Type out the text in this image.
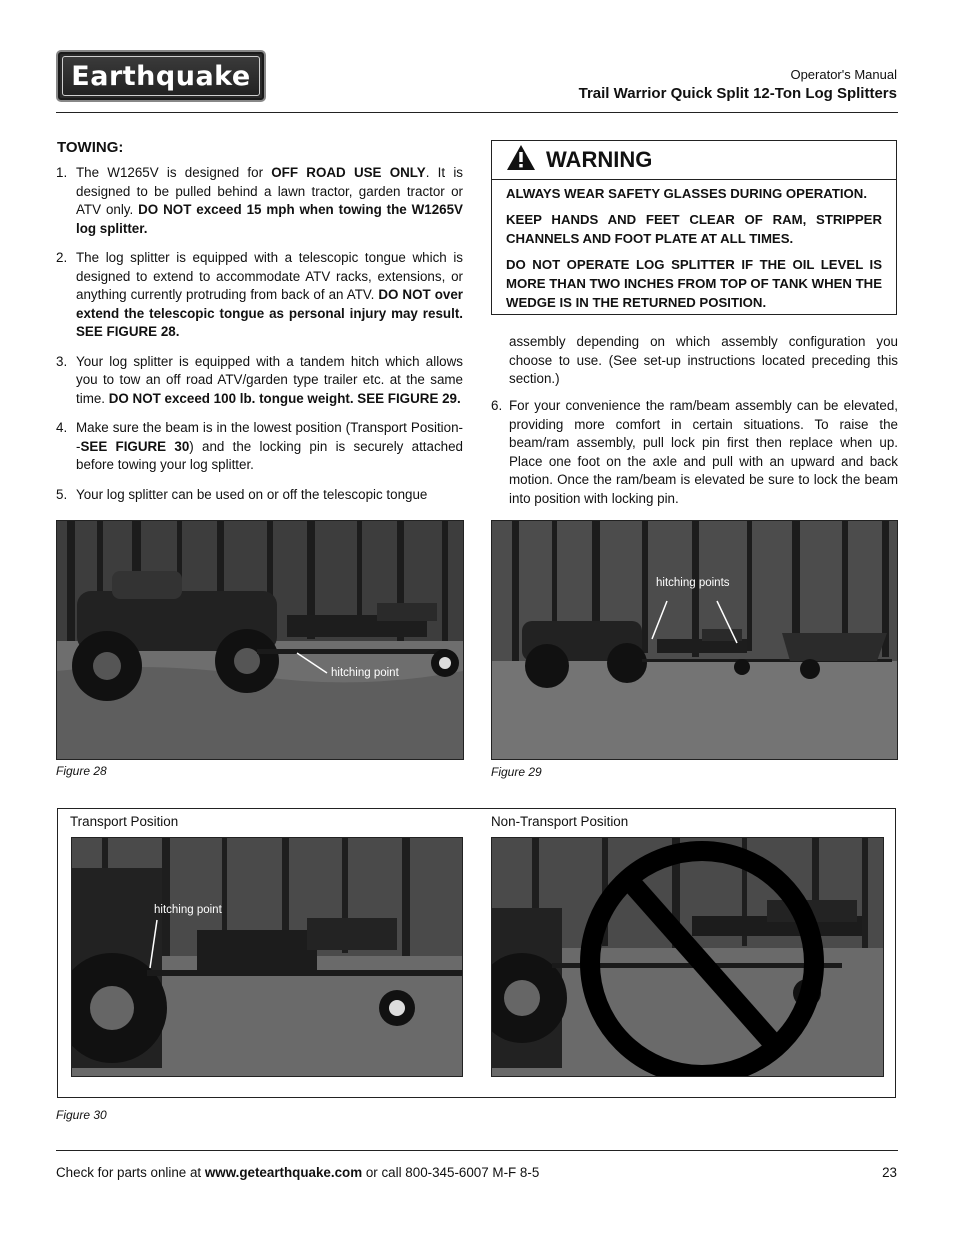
Earthquake	Operator's Manual
Trail Warrior Quick Split 12-Ton Log Splitters
TOWING:
1. The W1265V is designed for OFF ROAD USE ONLY. It is designed to be pulled behind a lawn tractor, garden tractor or ATV only. DO NOT exceed 15 mph when towing the W1265V log splitter.
2. The log splitter is equipped with a telescopic tongue which is designed to extend to accommodate ATV racks, extensions, or anything currently protruding from back of an ATV. DO NOT over extend the telescopic tongue as personal injury may result. SEE FIGURE 28.
3. Your log splitter is equipped with a tandem hitch which allows you to tow an off road ATV/garden type trailer etc. at the same time. DO NOT exceed 100 lb. tongue weight. SEE FIGURE 29.
4. Make sure the beam is in the lowest position (Transport Position--SEE FIGURE 30) and the locking pin is securely attached before towing your log splitter.
5. Your log splitter can be used on or off the telescopic tongue
WARNING

ALWAYS WEAR SAFETY GLASSES DURING OPERATION.

KEEP HANDS AND FEET CLEAR OF RAM, STRIPPER CHANNELS AND FOOT PLATE AT ALL TIMES.

DO NOT OPERATE LOG SPLITTER IF THE OIL LEVEL IS MORE THAN TWO INCHES FROM TOP OF TANK WHEN THE WEDGE IS IN THE RETURNED POSITION.

assembly depending on which assembly configuration you choose to use. (See set-up instructions located preceding this section.)
6. For your convenience the ram/beam assembly can be elevated, providing more comfort in certain situations. To raise the beam/ram assembly, pull lock pin first then replace when up. Place one foot on the axle and pull with an upward and back motion. Once the ram/beam is elevated be sure to lock the beam into position with locking pin.
hitching point
Figure 28
hitching points
Figure 29
Transport Position	Non-Transport Position
hitching point
Figure 30
Check for parts online at www.getearthquake.com or call 800-345-6007 M-F 8-5	23
